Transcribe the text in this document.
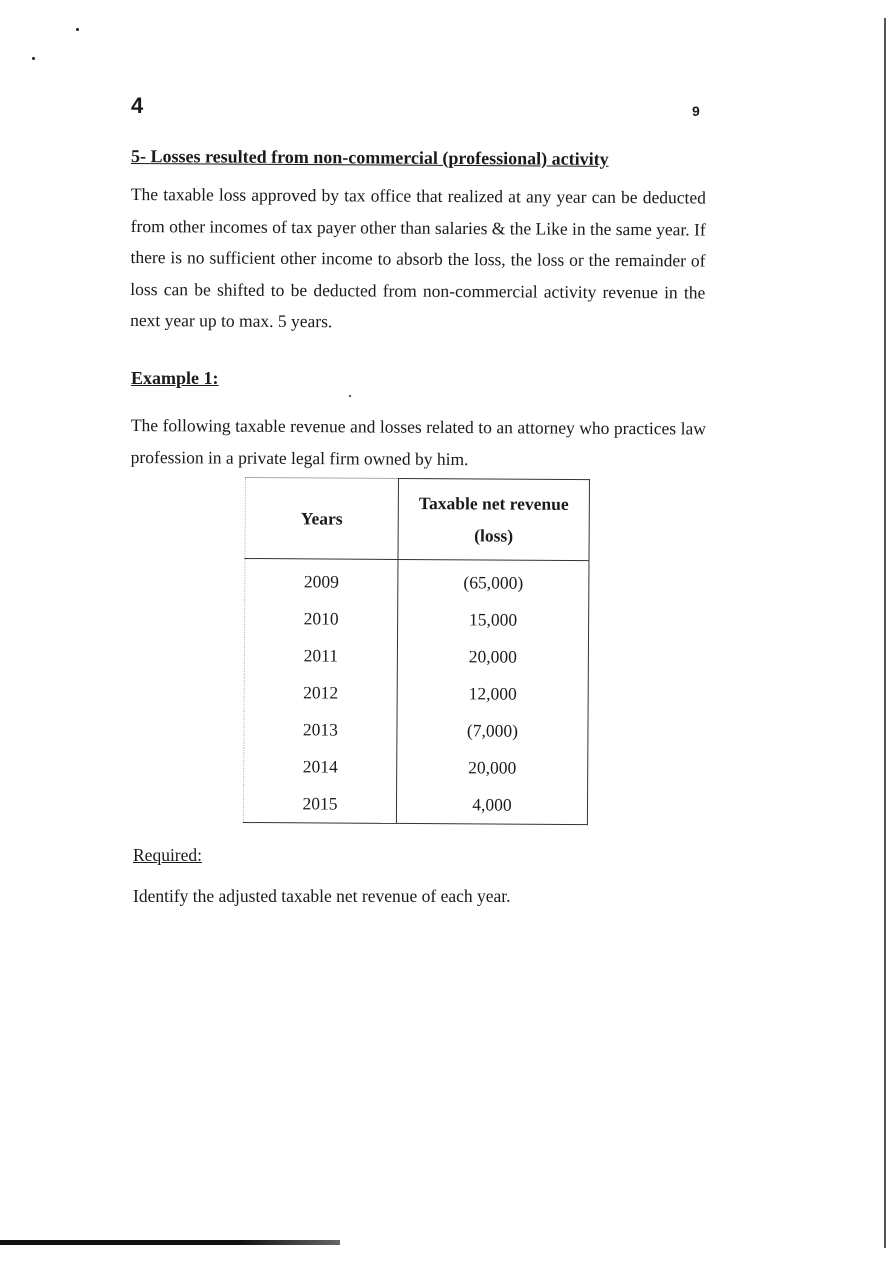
4	9
5- Losses resulted from non-commercial (professional) activity
The taxable loss approved by tax office that realized at any year can be deducted from other incomes of tax payer other than salaries & the Like in the same year. If there is no sufficient other income to absorb the loss, the loss or the remainder of loss can be shifted to be deducted from non-commercial activity revenue in the next year up to max. 5 years.
Example 1:
The following taxable revenue and losses related to an attorney who practices law profession in a private legal firm owned by him.
Years	Taxable net revenue
(loss)
2009	(65,000)
2010	15,000
2011	20,000
2012	12,000
2013	(7,000)
2014	20,000
2015	4,000
Required:
Identify the adjusted taxable net revenue of each year.
